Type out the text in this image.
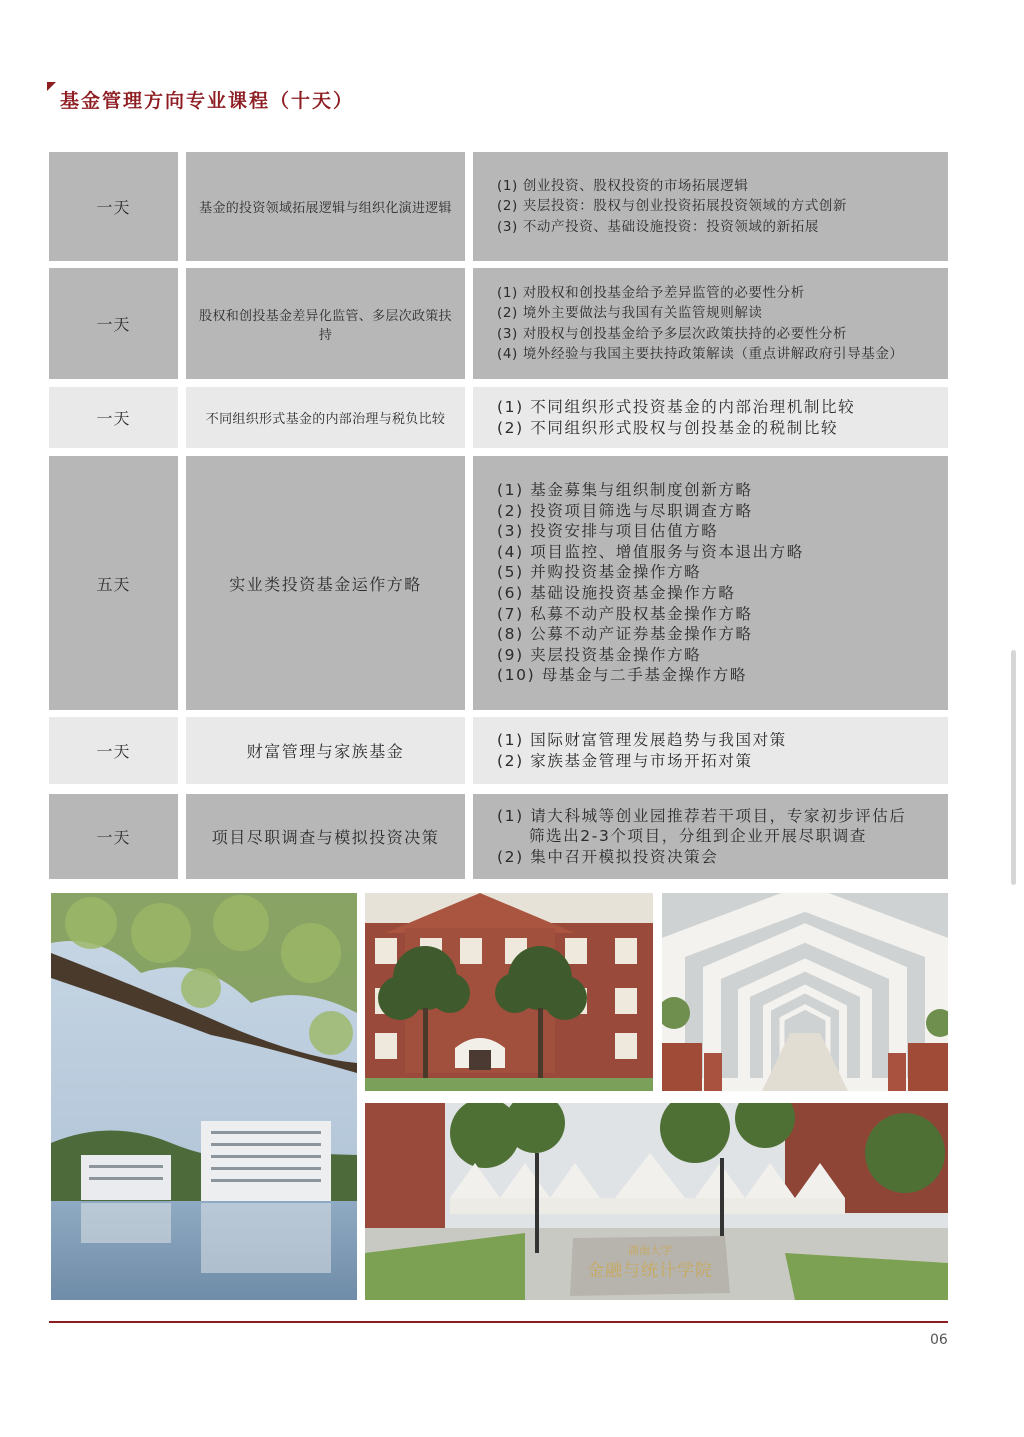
基金管理方向专业课程（十天）
一天	基金的投资领域拓展逻辑与组织化演进逻辑
(1) 创业投资、股权投资的市场拓展逻辑
(2) 夹层投资：股权与创业投资拓展投资领域的方式创新
(3) 不动产投资、基础设施投资：投资领域的新拓展
一天	股权和创投基金差异化监管、多层次政策扶持
(1) 对股权和创投基金给予差异监管的必要性分析
(2) 境外主要做法与我国有关监管规则解读
(3) 对股权与创投基金给予多层次政策扶持的必要性分析
(4) 境外经验与我国主要扶持政策解读（重点讲解政府引导基金）
一天	不同组织形式基金的内部治理与税负比较
(1) 不同组织形式投资基金的内部治理机制比较
(2) 不同组织形式股权与创投基金的税制比较
五天	实业类投资基金运作方略
(1) 基金募集与组织制度创新方略
(2) 投资项目筛选与尽职调查方略
(3) 投资安排与项目估值方略
(4) 项目监控、增值服务与资本退出方略
(5) 并购投资基金操作方略
(6) 基础设施投资基金操作方略
(7) 私募不动产股权基金操作方略
(8) 公募不动产证券基金操作方略
(9) 夹层投资基金操作方略
(10) 母基金与二手基金操作方略
一天	财富管理与家族基金
(1) 国际财富管理发展趋势与我国对策
(2) 家族基金管理与市场开拓对策
一天	项目尽职调查与模拟投资决策
(1) 请大科城等创业园推荐若干项目，专家初步评估后
筛选出2-3个项目，分组到企业开展尽职调查
(2) 集中召开模拟投资决策会
湖南大学
金融与统计学院
06
